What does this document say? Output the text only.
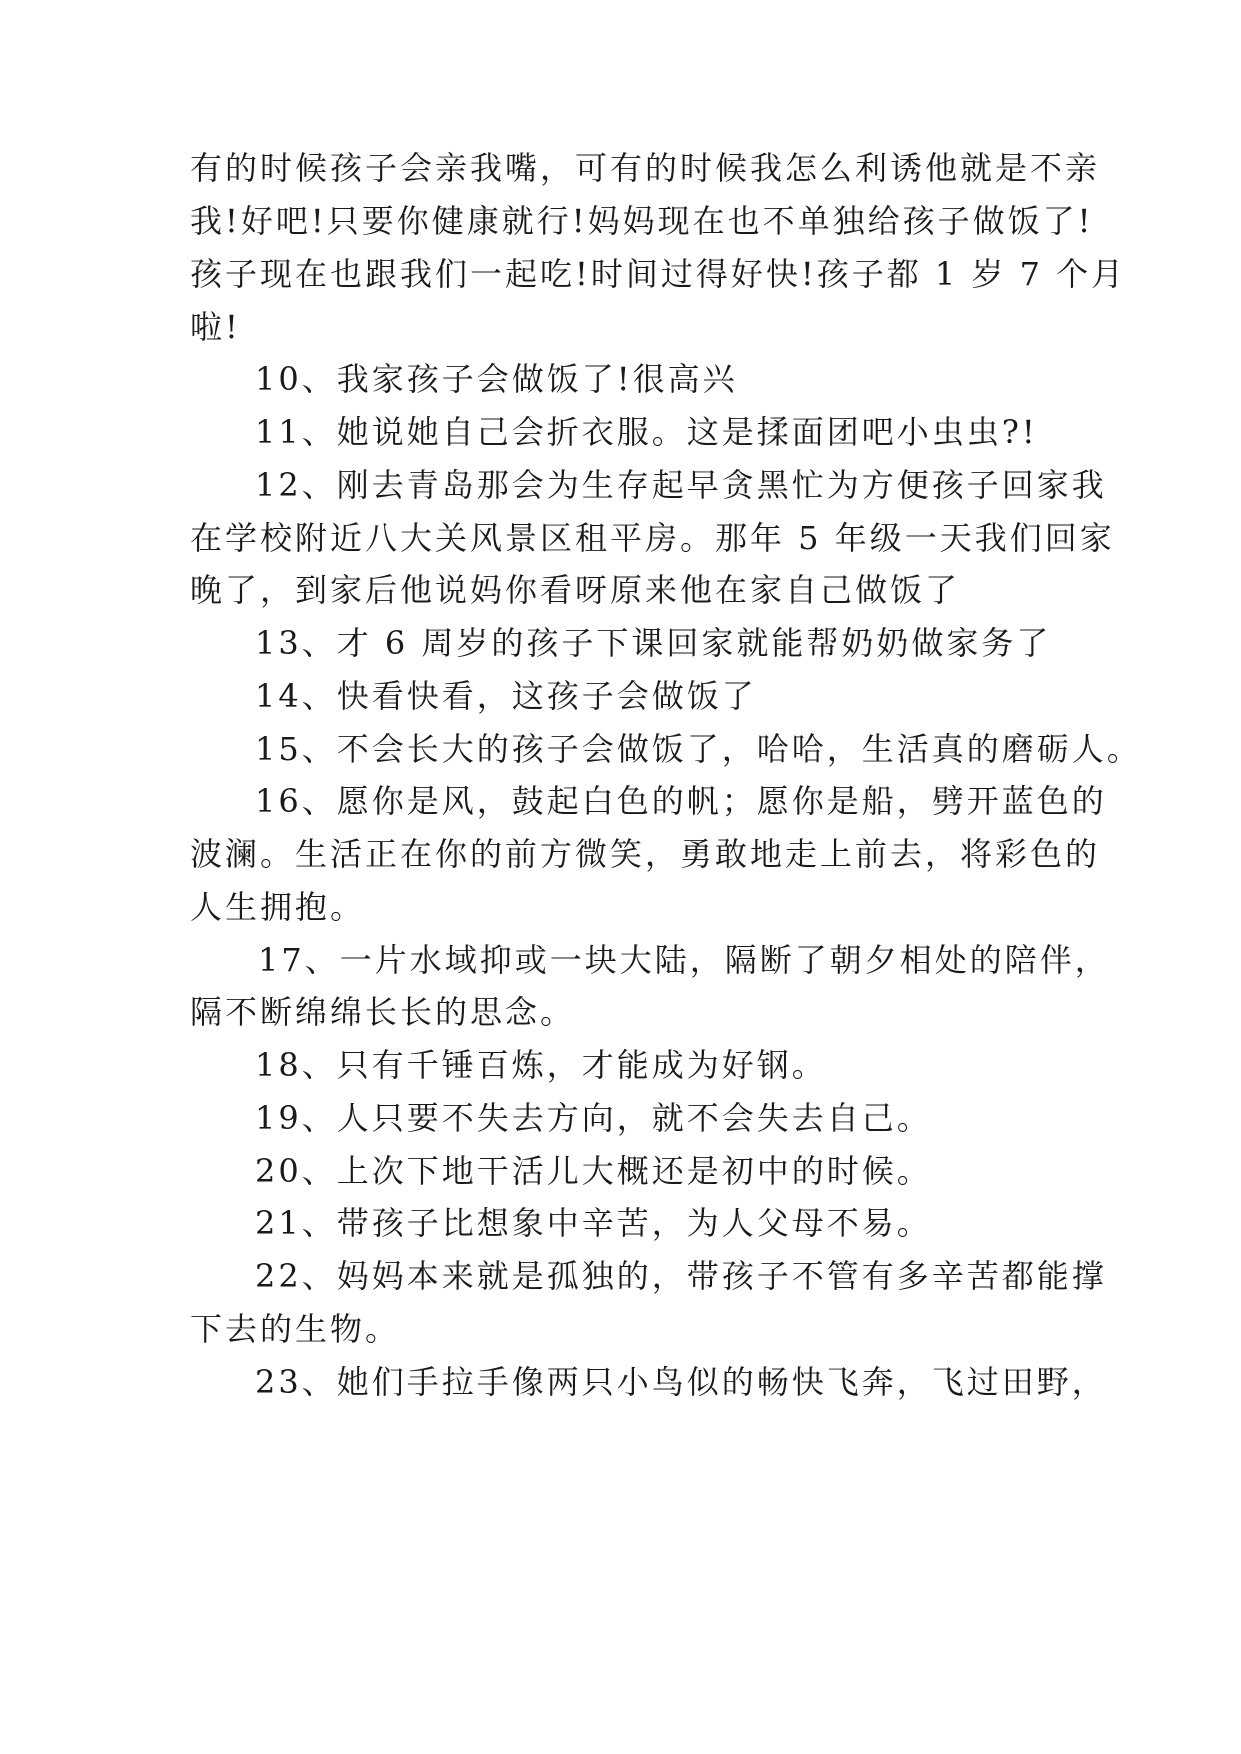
有的时候孩子会亲我嘴，可有的时候我怎么利诱他就是不亲
我!好吧!只要你健康就行!妈妈现在也不单独给孩子做饭了!
孩子现在也跟我们一起吃!时间过得好快!孩子都 1 岁 7 个月
啦!
10、我家孩子会做饭了!很高兴
11、她说她自己会折衣服。这是揉面团吧小虫虫?!
12、刚去青岛那会为生存起早贪黑忙为方便孩子回家我
在学校附近八大关风景区租平房。那年 5 年级一天我们回家
晚了，到家后他说妈你看呀原来他在家自己做饭了
13、才 6 周岁的孩子下课回家就能帮奶奶做家务了
14、快看快看，这孩子会做饭了
15、不会长大的孩子会做饭了，哈哈，生活真的磨砺人。
16、愿你是风，鼓起白色的帆；愿你是船，劈开蓝色的
波澜。生活正在你的前方微笑，勇敢地走上前去，将彩色的
人生拥抱。
17、一片水域抑或一块大陆，隔断了朝夕相处的陪伴，
隔不断绵绵长长的思念。
18、只有千锤百炼，才能成为好钢。
19、人只要不失去方向，就不会失去自己。
20、上次下地干活儿大概还是初中的时候。
21、带孩子比想象中辛苦，为人父母不易。
22、妈妈本来就是孤独的，带孩子不管有多辛苦都能撑
下去的生物。
23、她们手拉手像两只小鸟似的畅快飞奔，飞过田野，
